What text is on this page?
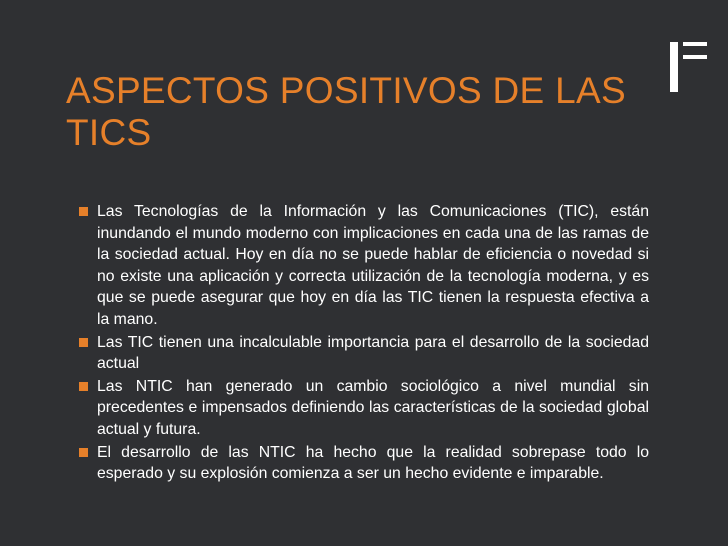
ASPECTOS POSITIVOS DE LAS TICS

Las Tecnologías de la Información y las Comunicaciones (TIC), están inundando el mundo moderno con implicaciones en cada una de las ramas de la sociedad actual. Hoy en día no se puede hablar de eficiencia o novedad si no existe una aplicación y correcta utilización de la tecnología moderna, y es que se puede asegurar que hoy en día las TIC tienen la respuesta efectiva a la mano.

Las TIC tienen una incalculable importancia para el desarrollo de la sociedad actual

Las NTIC han generado un cambio sociológico a nivel mundial sin precedentes e impensados definiendo las características de la sociedad global actual y futura.

El desarrollo de las NTIC ha hecho que la realidad sobrepase todo lo esperado y su explosión comienza a ser un hecho evidente e imparable.
